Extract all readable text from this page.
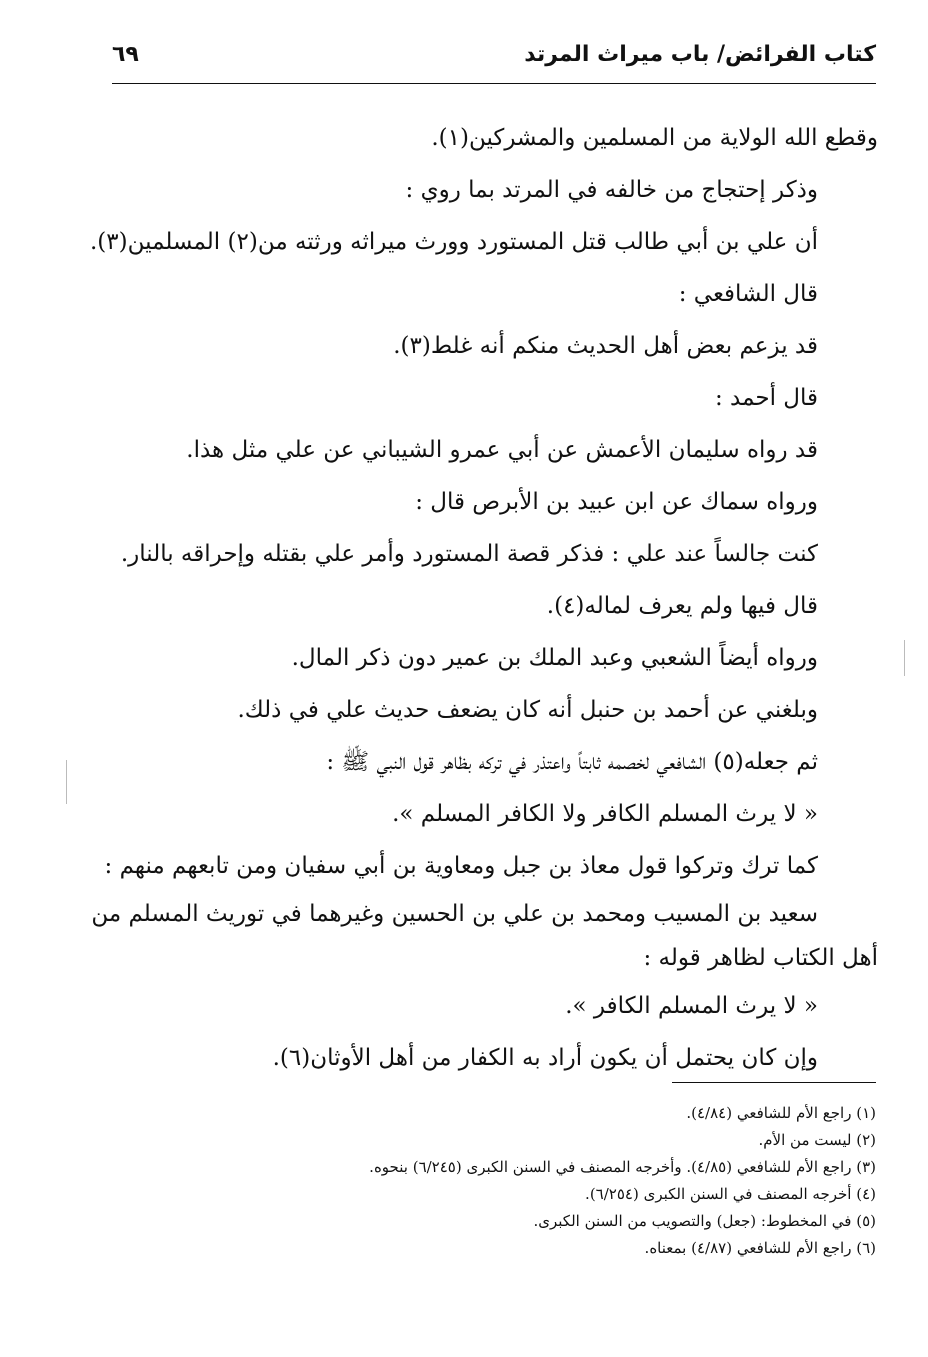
كتاب الفرائض/ باب ميراث المرتد
٦٩
وقطع الله الولاية من المسلمين والمشركين(١).
وذكر إحتجاج من خالفه في المرتد بما روي :
أن علي بن أبي طالب قتل المستورد وورث ميراثه ورثته من(٢) المسلمين(٣).
قال الشافعي :
قد يزعم بعض أهل الحديث منكم أنه غلط(٣).
قال أحمد :
قد رواه سليمان الأعمش عن أبي عمرو الشيباني عن علي مثل هذا.
ورواه سماك عن ابن عبيد بن الأبرص قال :
كنت جالساً عند علي : فذكر قصة المستورد وأمر علي بقتله وإحراقه بالنار.
قال فيها ولم يعرف لماله(٤).
ورواه أيضاً الشعبي وعبد الملك بن عمير دون ذكر المال.
وبلغني عن أحمد بن حنبل أنه كان يضعف حديث علي في ذلك.
ثم جعله(٥) الشافعي لخصمه ثابتاً واعتذر في تركه بظاهر قول النبي ﷺ :
« لا يرث المسلم الكافر ولا الكافر المسلم ».
كما ترك وتركوا قول معاذ بن جبل ومعاوية بن أبي سفيان ومن تابعهم منهم :
سعيد بن المسيب ومحمد بن علي بن الحسين وغيرهما في توريث المسلم من
أهل الكتاب لظاهر قوله :
« لا يرث المسلم الكافر ».
وإن كان يحتمل أن يكون أراد به الكفار من أهل الأوثان(٦).
(١) راجع الأم للشافعي (٤/٨٤).
(٢) ليست من الأم.
(٣) راجع الأم للشافعي (٤/٨٥). وأخرجه المصنف في السنن الكبرى (٦/٢٤٥) بنحوه.
(٤) أخرجه المصنف في السنن الكبرى (٦/٢٥٤).
(٥) في المخطوط: (جعل) والتصويب من السنن الكبرى.
(٦) راجع الأم للشافعي (٤/٨٧) بمعناه.
